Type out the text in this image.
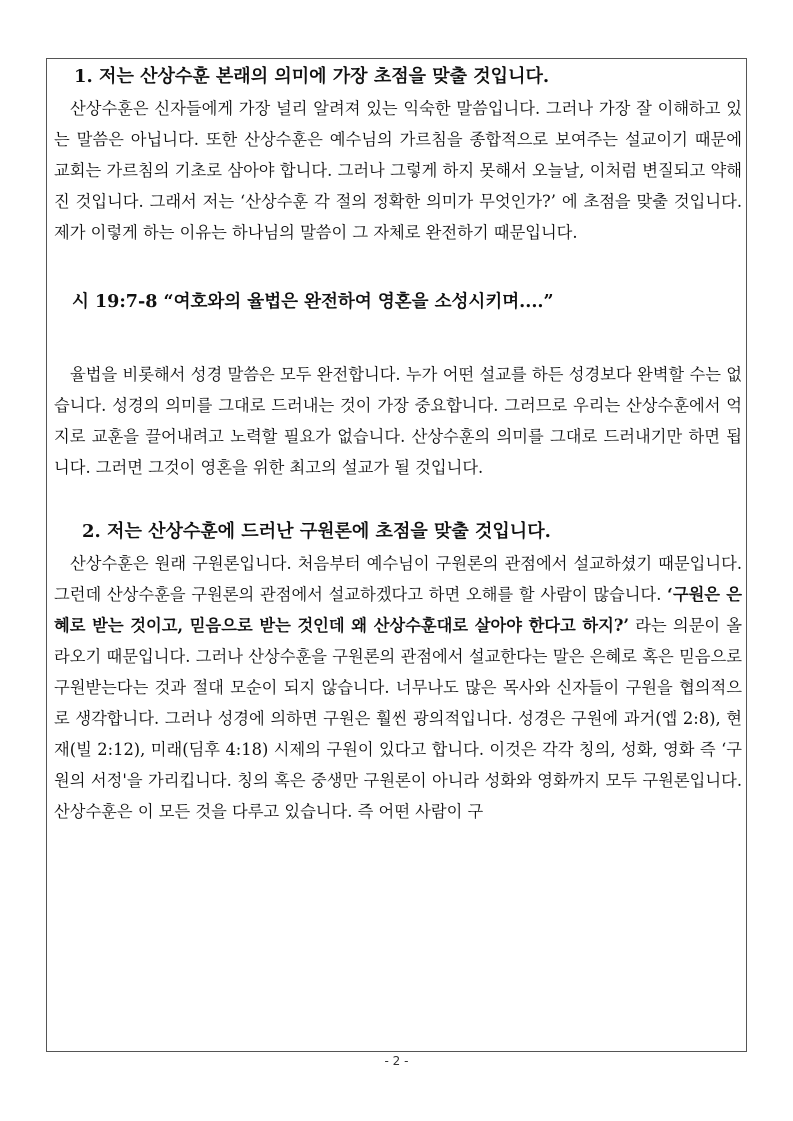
1. 저는 산상수훈 본래의 의미에 가장 초점을 맞출 것입니다.

산상수훈은 신자들에게 가장 널리 알려져 있는 익숙한 말씀입니다. 그러나 가장 잘 이해하고 있는 말씀은 아닙니다. 또한 산상수훈은 예수님의 가르침을 종합적으로 보여주는 설교이기 때문에 교회는 가르침의 기초로 삼아야 합니다. 그러나 그렇게 하지 못해서 오늘날, 이처럼 변질되고 약해진 것입니다. 그래서 저는 ‘산상수훈 각 절의 정확한 의미가 무엇인가?’ 에 초점을 맞출 것입니다. 제가 이렇게 하는 이유는 하나님의 말씀이 그 자체로 완전하기 때문입니다.

시 19:7-8 “여호와의 율법은 완전하여 영혼을 소성시키며....”

율법을 비롯해서 성경 말씀은 모두 완전합니다. 누가 어떤 설교를 하든 성경보다 완벽할 수는 없습니다. 성경의 의미를 그대로 드러내는 것이 가장 중요합니다. 그러므로 우리는 산상수훈에서 억지로 교훈을 끌어내려고 노력할 필요가 없습니다. 산상수훈의 의미를 그대로 드러내기만 하면 됩니다. 그러면 그것이 영혼을 위한 최고의 설교가 될 것입니다.

2. 저는 산상수훈에 드러난 구원론에 초점을 맞출 것입니다.

산상수훈은 원래 구원론입니다. 처음부터 예수님이 구원론의 관점에서 설교하셨기 때문입니다. 그런데 산상수훈을 구원론의 관점에서 설교하겠다고 하면 오해를 할 사람이 많습니다. ‘구원은 은혜로 받는 것이고, 믿음으로 받는 것인데 왜 산상수훈대로 살아야 한다고 하지?’ 라는 의문이 올라오기 때문입니다. 그러나 산상수훈을 구원론의 관점에서 설교한다는 말은 은혜로 혹은 믿음으로 구원받는다는 것과 절대 모순이 되지 않습니다. 너무나도 많은 목사와 신자들이 구원을 협의적으로 생각합니다. 그러나 성경에 의하면 구원은 훨씬 광의적입니다. 성경은 구원에 과거(엡 2:8), 현재(빌 2:12), 미래(딤후 4:18) 시제의 구원이 있다고 합니다. 이것은 각각 칭의, 성화, 영화 즉 ‘구원의 서정'을 가리킵니다. 칭의 혹은 중생만 구원론이 아니라 성화와 영화까지 모두 구원론입니다. 산상수훈은 이 모든 것을 다루고 있습니다. 즉 어떤 사람이 구

- 2 -
